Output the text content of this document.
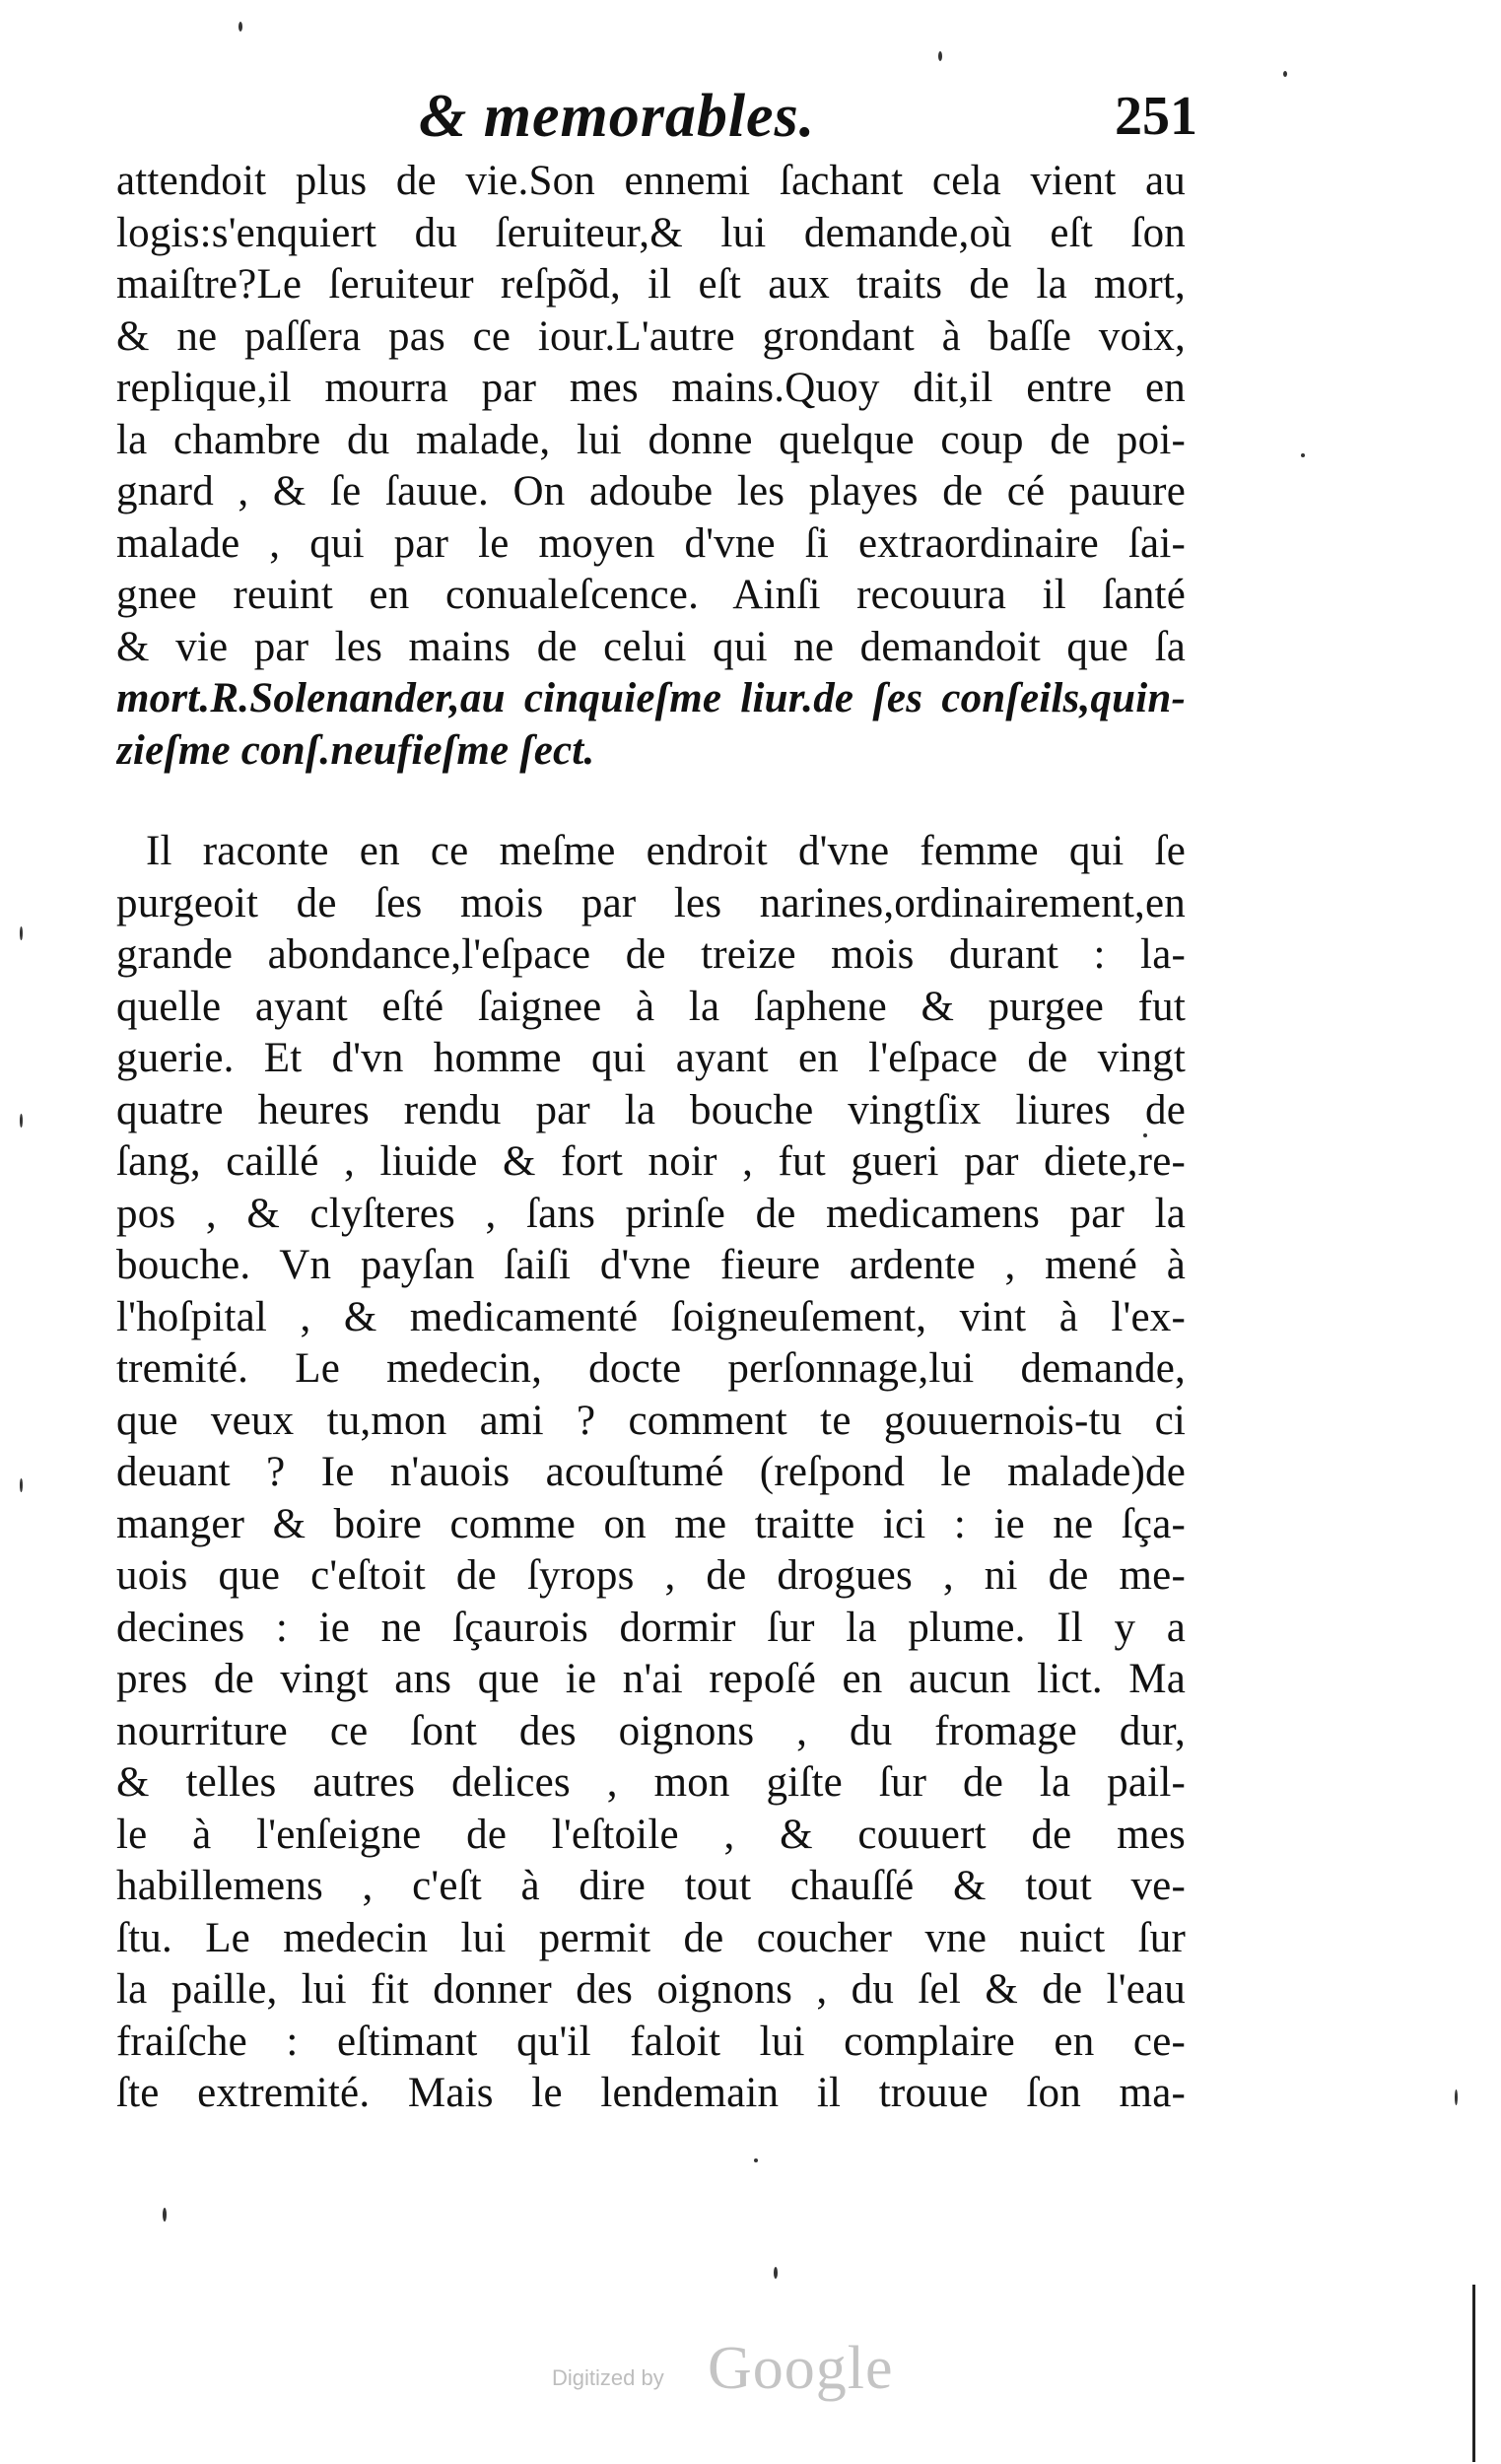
& memorables.	251
attendoit plus de vie.Son ennemi ſachant cela vient au
logis:s'enquiert du ſeruiteur,& lui demande,où eſt ſon
maiſtre?Le ſeruiteur reſpõd, il eſt aux traits de la mort,
& ne paſſera pas ce iour.L'autre grondant à baſſe voix,
replique,il mourra par mes mains.Quoy dit,il entre en
la chambre du malade, lui donne quelque coup de poi-
gnard , & ſe ſauue. On adoube les playes de cé pauure
malade , qui par le moyen d'vne ſi extraordinaire ſai-
gnee reuint en conualeſcence. Ainſi recouura il ſanté
& vie par les mains de celui qui ne demandoit que ſa
mort.R.Solenander,au cinquieſme liur.de ſes conſeils,quin-
zieſme conſ.neufieſme ſect.
Il raconte en ce meſme endroit d'vne femme qui ſe
purgeoit de ſes mois par les narines,ordinairement,en
grande abondance,l'eſpace de treize mois durant : la-
quelle ayant eſté ſaignee à la ſaphene & purgee fut
guerie. Et d'vn homme qui ayant en l'eſpace de vingt
quatre heures rendu par la bouche vingtſix liures de
ſang, caillé , liuide & fort noir , fut gueri par diete,re-
pos , & clyſteres , ſans prinſe de medicamens par la
bouche. Vn payſan ſaiſi d'vne fieure ardente , mené à
l'hoſpital , & medicamenté ſoigneuſement, vint à l'ex-
tremité. Le medecin, docte perſonnage,lui demande,
que veux tu,mon ami ? comment te gouuernois-tu ci
deuant ? Ie n'auois acouſtumé (reſpond le malade)de
manger & boire comme on me traitte ici : ie ne ſça-
uois que c'eſtoit de ſyrops , de drogues , ni de me-
decines : ie ne ſçaurois dormir ſur la plume. Il y a
pres de vingt ans que ie n'ai repoſé en aucun lict. Ma
nourriture ce ſont des oignons , du fromage dur,
& telles autres delices , mon giſte ſur de la pail-
le à l'enſeigne de l'eſtoile , & couuert de mes
habillemens , c'eſt à dire tout chauſſé & tout ve-
ſtu. Le medecin lui permit de coucher vne nuict ſur
la paille, lui fit donner des oignons , du ſel & de l'eau
fraiſche : eſtimant qu'il faloit lui complaire en ce-
ſte extremité. Mais le lendemain il trouue ſon ma-
Digitized by Google
